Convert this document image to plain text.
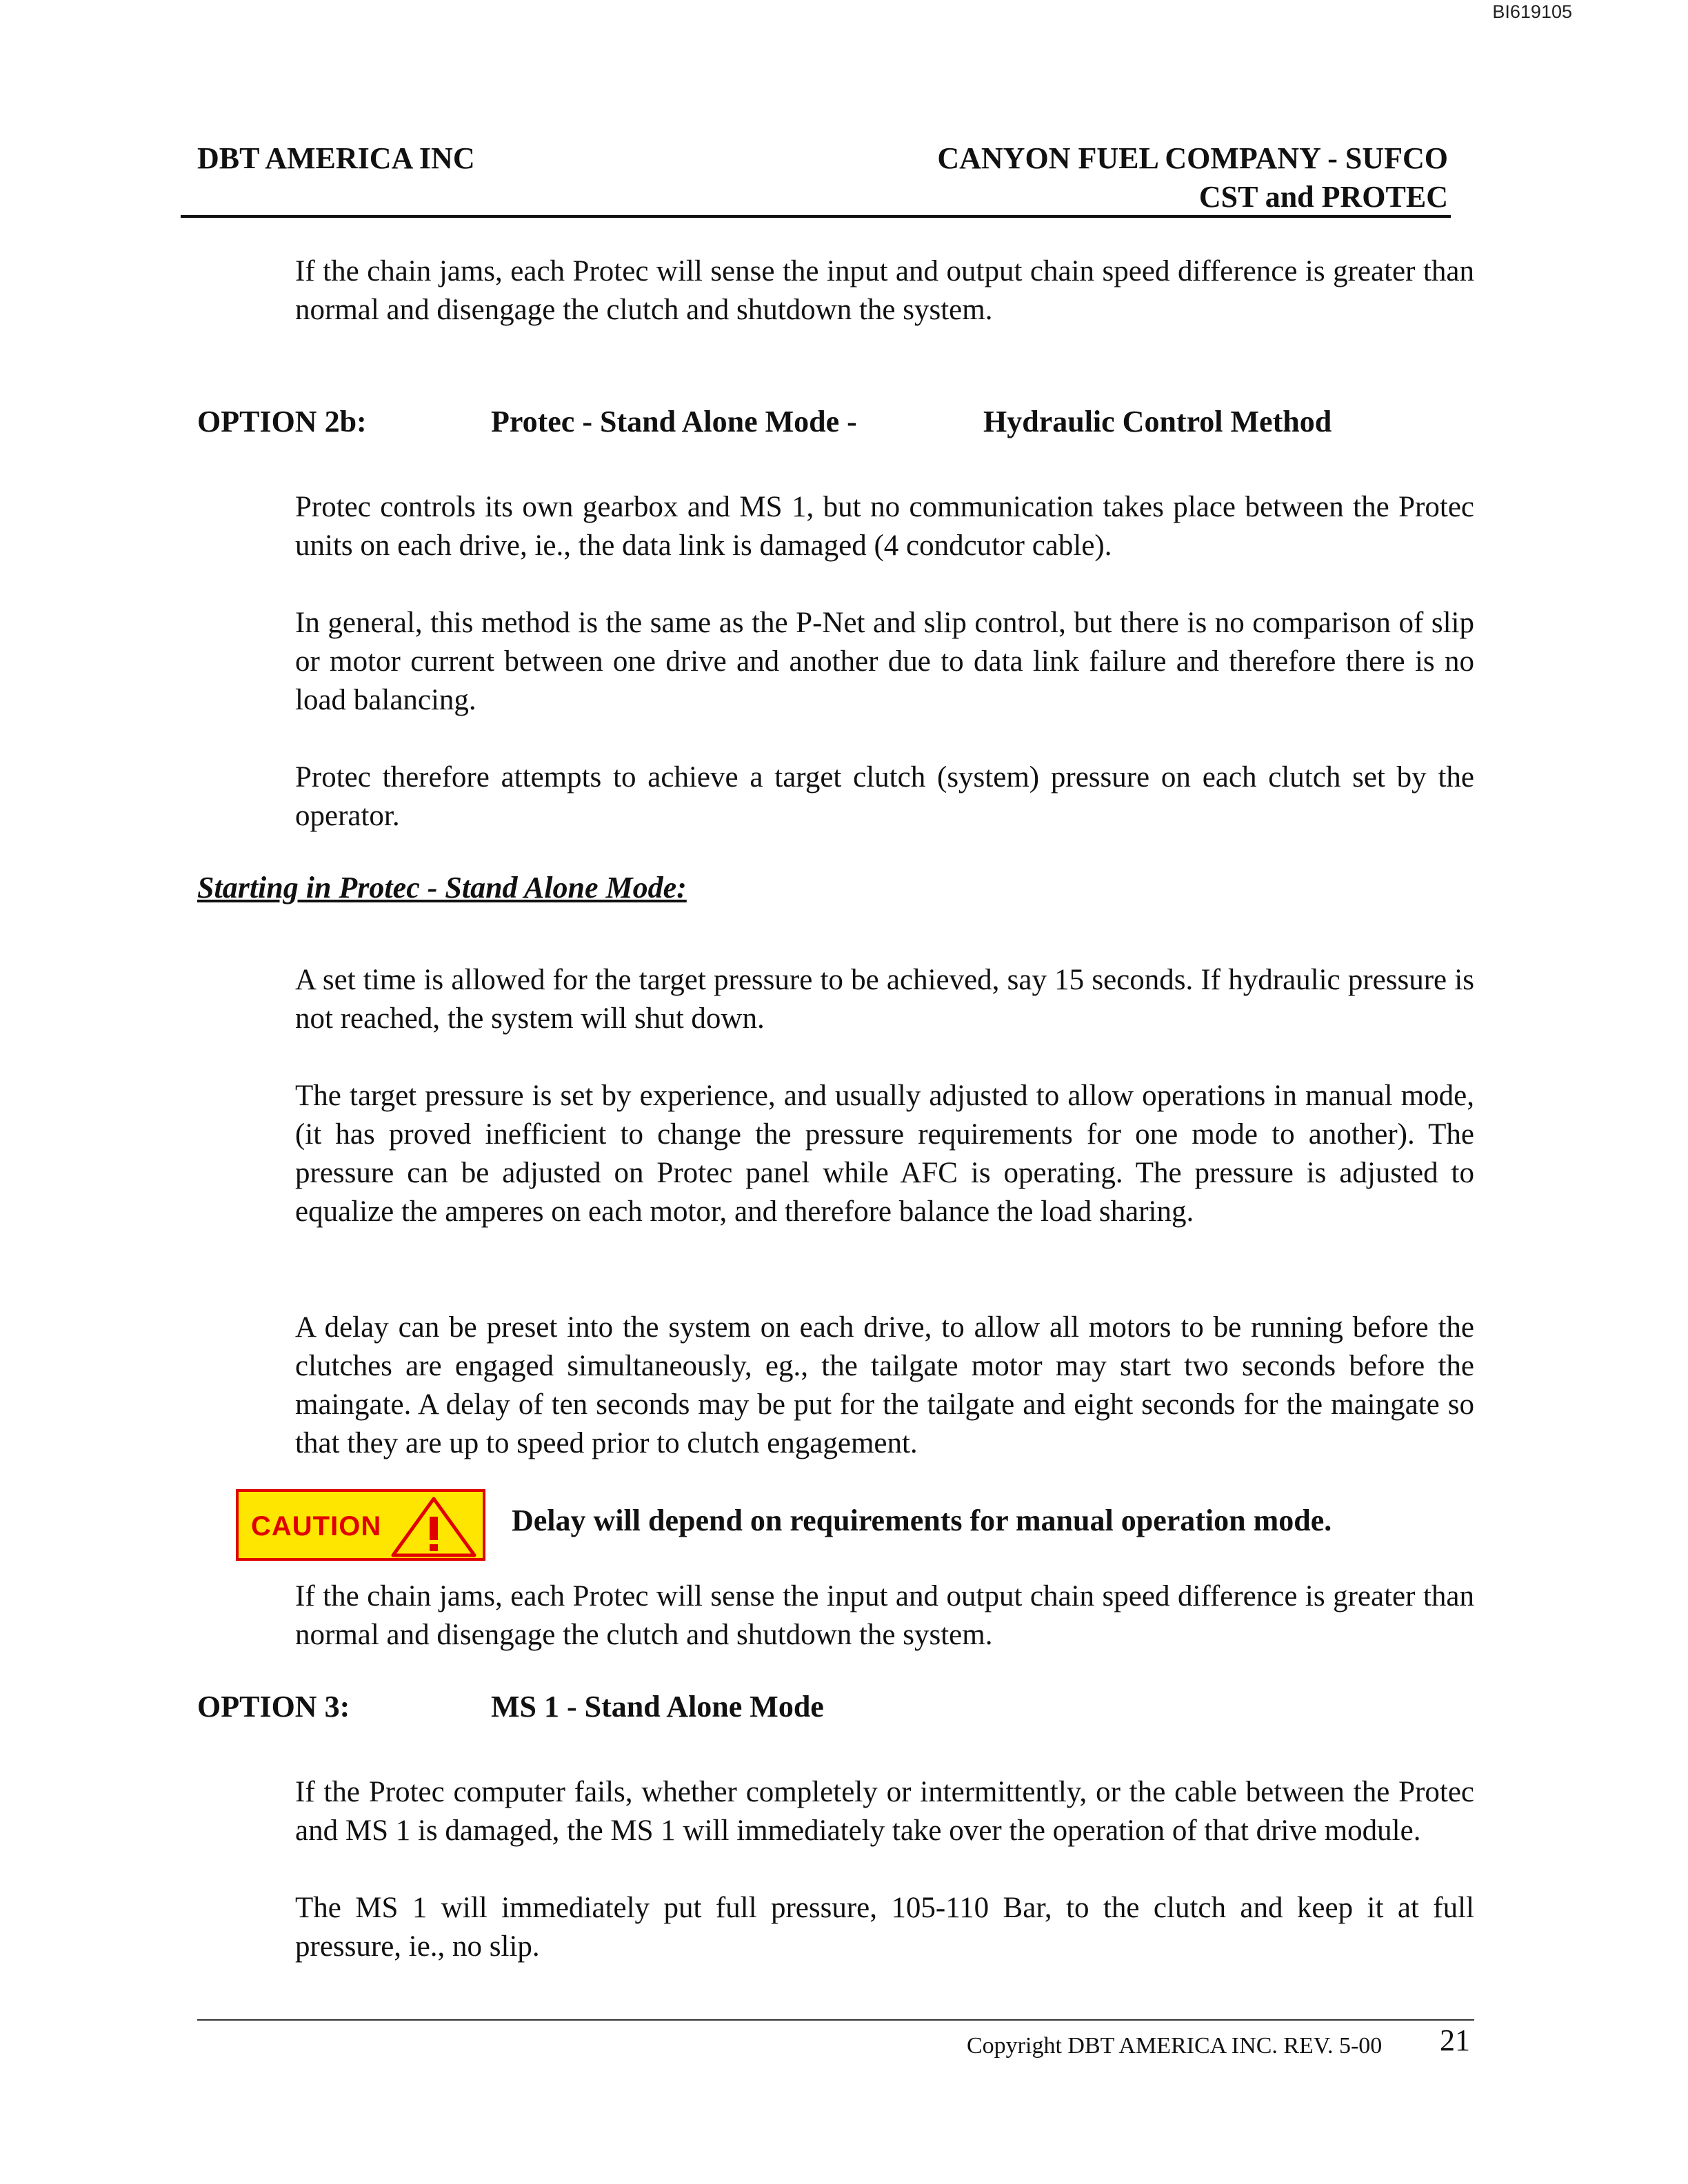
BI619105
DBT AMERICA INC	CANYON FUEL COMPANY - SUFCO
CST and PROTEC

If the chain jams, each Protec will sense the input and output chain speed difference is greater than normal and disengage the clutch and shutdown the system.

OPTION 2b:	Protec - Stand Alone Mode -	Hydraulic Control Method

Protec controls its own gearbox and MS 1, but no communication takes place between the Protec units on each drive, ie., the data link is damaged (4 condcutor cable).

In general, this method is the same as the P-Net and slip control, but there is no comparison of slip or motor current between one drive and another due to data link failure and therefore there is no load balancing.

Protec therefore attempts to achieve a target clutch (system) pressure on each clutch set by the operator.

Starting in Protec - Stand Alone Mode:

A set time is allowed for the target pressure to be achieved, say 15 seconds. If hydraulic pressure is not reached, the system will shut down.

The target pressure is set by experience, and usually adjusted to allow operations in manual mode, (it has proved inefficient to change the pressure requirements for one mode to another). The pressure can be adjusted on Protec panel while AFC is operating. The pressure is adjusted to equalize the amperes on each motor, and therefore balance the load sharing.

A delay can be preset into the system on each drive, to allow all motors to be running before the clutches are engaged simultaneously, eg., the tailgate motor may start two seconds before the maingate. A delay of ten seconds may be put for the tailgate and eight seconds for the maingate so that they are up to speed prior to clutch engagement.

CAUTION	Delay will depend on requirements for manual operation mode.

If the chain jams, each Protec will sense the input and output chain speed difference is greater than normal and disengage the clutch and shutdown the system.

OPTION 3:	MS 1 - Stand Alone Mode

If the Protec computer fails, whether completely or intermittently, or the cable between the Protec and MS 1 is damaged, the MS 1 will immediately take over the operation of that drive module.

The MS 1 will immediately put full pressure, 105-110 Bar, to the clutch and keep it at full pressure, ie., no slip.

Copyright DBT AMERICA INC. REV. 5-00 21
